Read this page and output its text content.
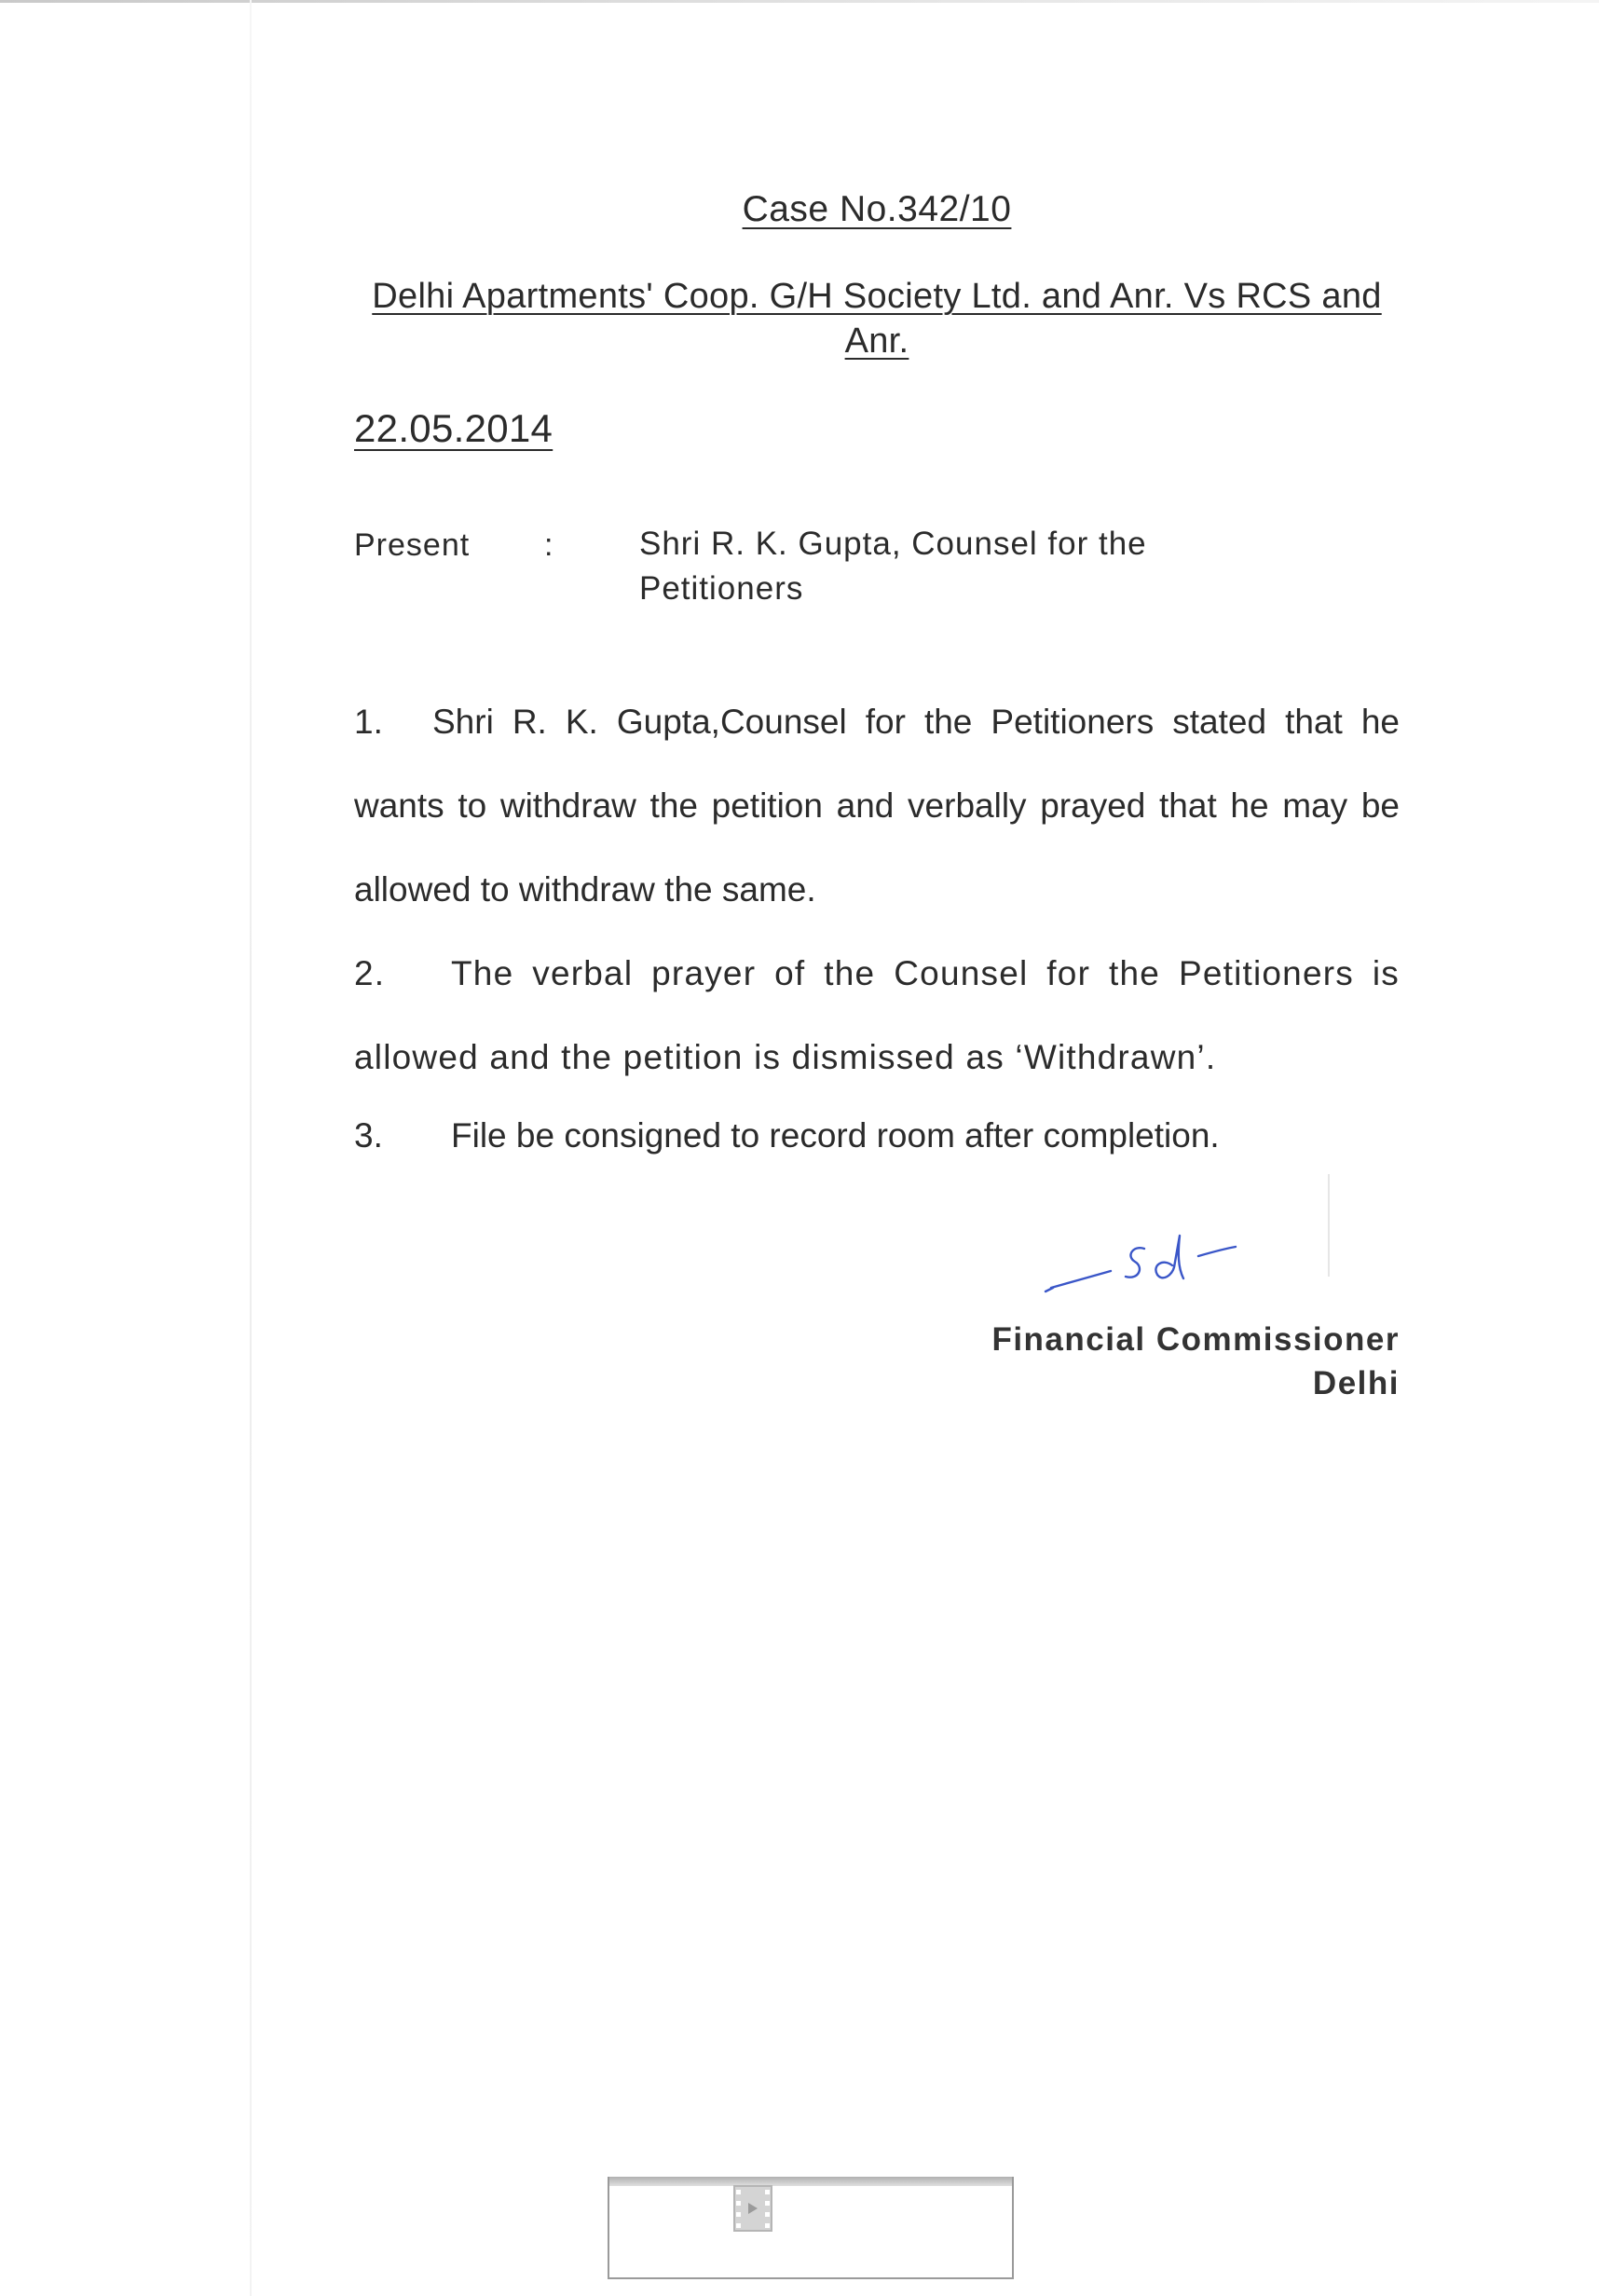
Case No.342/10
Delhi Apartments' Coop. G/H Society Ltd. and Anr. Vs RCS and
Anr.
22.05.2014
Present :	Shri R. K. Gupta, Counsel for the
Petitioners

1. Shri R. K. Gupta,Counsel for the Petitioners stated that he wants to withdraw the petition and verbally prayed that he may be allowed to withdraw the same.

2. The verbal prayer of the Counsel for the Petitioners is allowed and the petition is dismissed as ‘Withdrawn’.

3. File be consigned to record room after completion.

Financial Commissioner
Delhi
